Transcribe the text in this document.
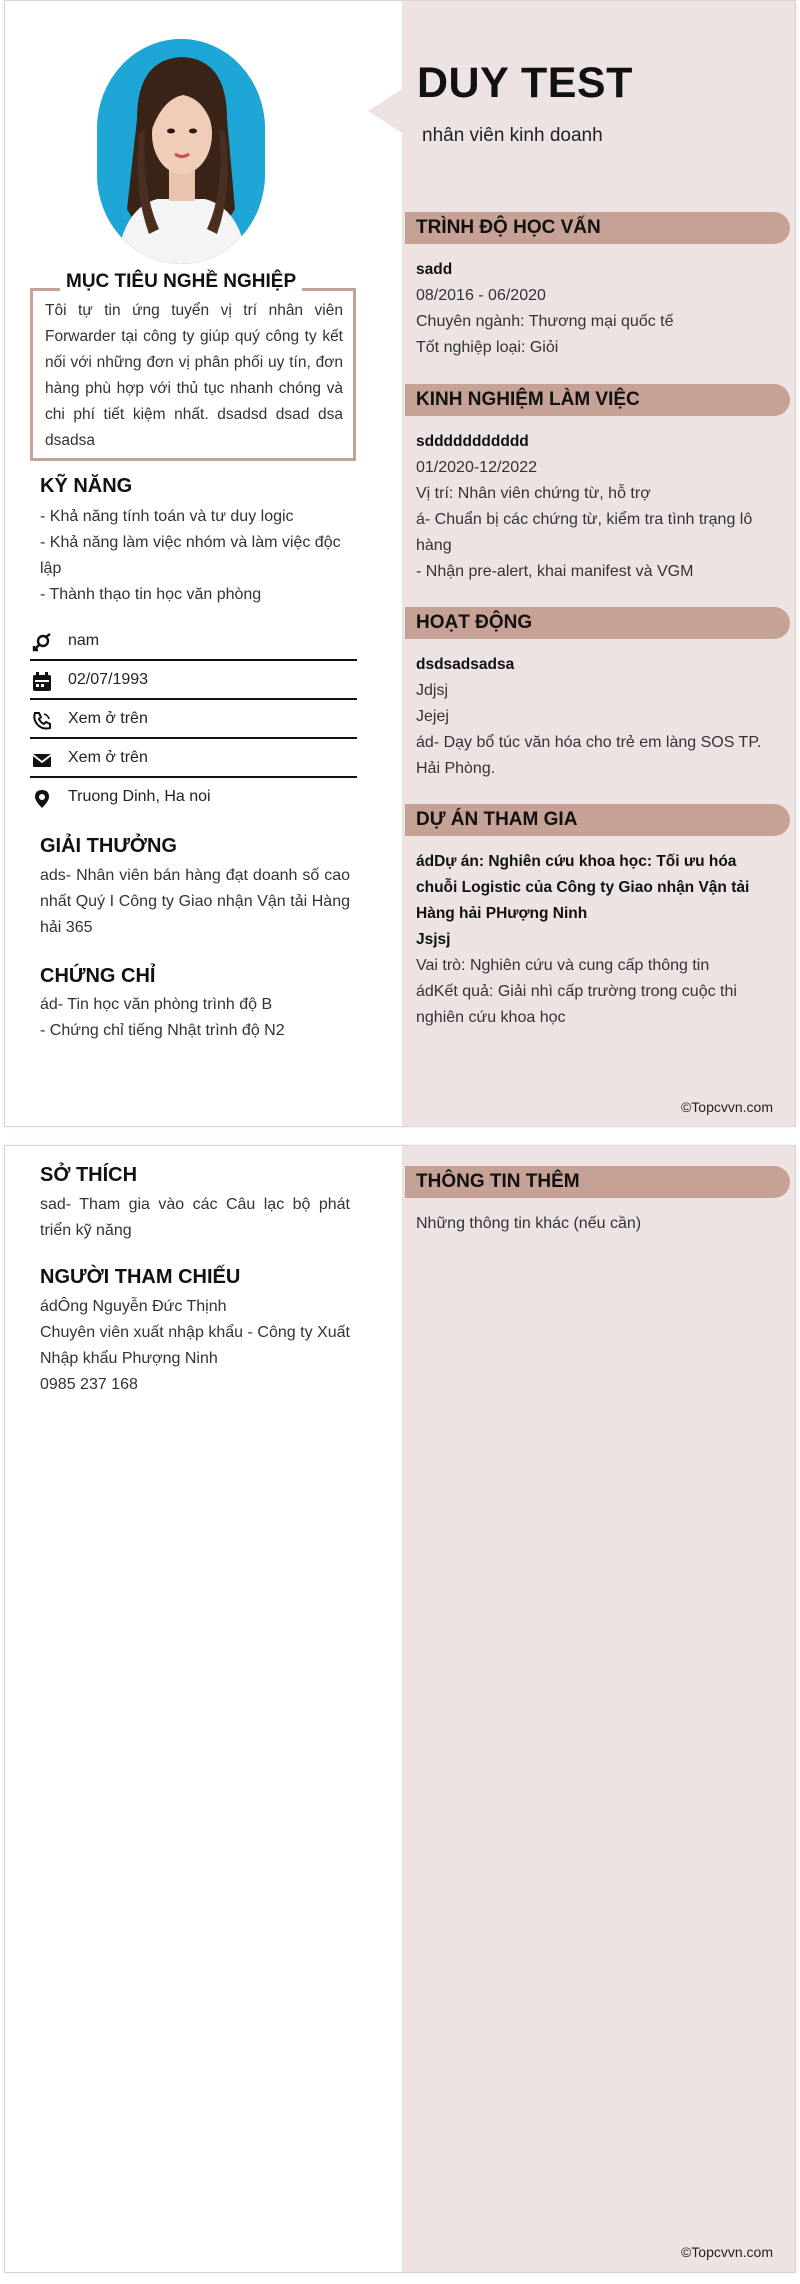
DUY TEST
nhân viên kinh doanh
Tôi tự tin ứng tuyển vị trí nhân viên Forwarder tại công ty giúp quý công ty kết nối với những đơn vị phân phối uy tín, đơn hàng phù hợp với thủ tục nhanh chóng và chi phí tiết kiệm nhất. dsadsd dsad dsa dsadsa
MỤC TIÊU NGHỀ NGHIỆP
KỸ NĂNG

- Khả năng tính toán và tư duy logic

- Khả năng làm việc nhóm và làm việc độc lập

- Thành thạo tin học văn phòng

nam
02/07/1993
Xem ở trên
Xem ở trên
Truong Dinh, Ha noi
GIẢI THƯỞNG
ads- Nhân viên bán hàng đạt doanh số cao nhất Quý I Công ty Giao nhận Vận tải Hàng hải 365
CHỨNG CHỈ

ád- Tin học văn phòng trình độ B

- Chứng chỉ tiếng Nhật trình độ N2

TRÌNH ĐỘ HỌC VẤN

sadd

08/2016 - 06/2020

Chuyên ngành: Thương mại quốc tế

Tốt nghiệp loại: Giỏi

KINH NGHIỆM LÀM VIỆC

sddddddddddd

01/2020-12/2022

Vị trí: Nhân viên chứng từ, hỗ trợ

á- Chuẩn bị các chứng từ, kiểm tra tình trạng lô hàng

- Nhận pre-alert, khai manifest và VGM

HOẠT ĐỘNG

dsdsadsadsa

Jdjsj

Jejej

ád- Dạy bổ túc văn hóa cho trẻ em làng SOS TP. Hải Phòng.

DỰ ÁN THAM GIA

ádDự án: Nghiên cứu khoa học: Tối ưu hóa chuỗi Logistic của Công ty Giao nhận Vận tải Hàng hải PHượng Ninh

Jsjsj

Vai trò: Nghiên cứu và cung cấp thông tin

ádKết quả: Giải nhì cấp trường trong cuộc thi nghiên cứu khoa học

©Topcvvn.com
SỞ THÍCH
sad- Tham gia vào các Câu lạc bộ phát triển kỹ năng
NGƯỜI THAM CHIẾU

ádÔng Nguyễn Đức Thịnh

Chuyên viên xuất nhập khẩu - Công ty Xuất Nhập khẩu Phượng Ninh

0985 237 168

THÔNG TIN THÊM
Những thông tin khác (nếu cần)
©Topcvvn.com
